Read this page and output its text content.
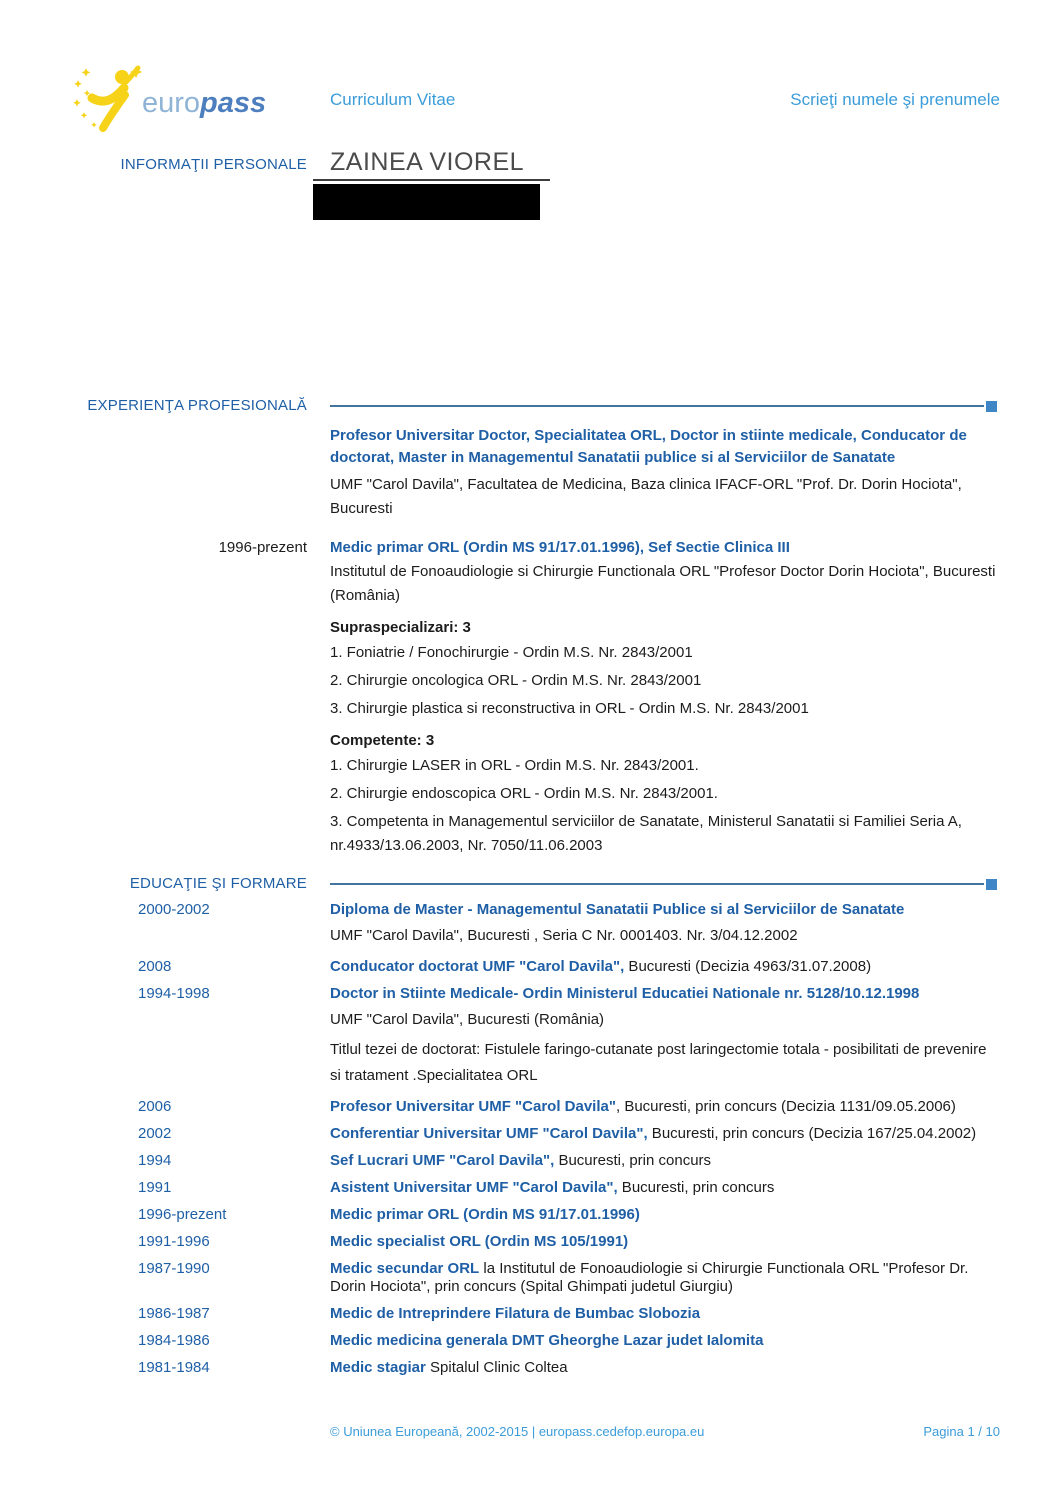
europass	Curriculum Vitae	Scrieţi numele şi prenumele
INFORMAŢII PERSONALE ZAINEA VIOREL
EXPERIENŢA PROFESIONALĂ

Profesor Universitar Doctor, Specialitatea ORL, Doctor in stiinte medicale, Conducator de doctorat, Master in Managementul Sanatatii publice si al Serviciilor de Sanatate

UMF "Carol Davila", Facultatea de Medicina, Baza clinica IFACF-ORL "Prof. Dr. Dorin Hociota", Bucuresti

1996-prezent Medic primar ORL (Ordin MS 91/17.01.1996), Sef Sectie Clinica III

Institutul de Fonoaudiologie si Chirurgie Functionala ORL "Profesor Doctor Dorin Hociota", Bucuresti (România)

Supraspecializari: 3

1. Foniatrie / Fonochirurgie - Ordin M.S. Nr. 2843/2001

2. Chirurgie oncologica ORL - Ordin M.S. Nr. 2843/2001

3. Chirurgie plastica si reconstructiva in ORL - Ordin M.S. Nr. 2843/2001

Competente: 3

1. Chirurgie LASER in ORL - Ordin M.S. Nr. 2843/2001.

2. Chirurgie endoscopica ORL - Ordin M.S. Nr. 2843/2001.

3. Competenta in Managementul serviciilor de Sanatate, Ministerul Sanatatii si Familiei Seria A, nr.4933/13.06.2003, Nr. 7050/11.06.2003

EDUCAŢIE ŞI FORMARE
2000-2002	Diploma de Master - Managementul Sanatatii Publice si al Serviciilor de Sanatate

UMF "Carol Davila", Bucuresti , Seria C Nr. 0001403. Nr. 3/04.12.2002

2008	Conducator doctorat UMF "Carol Davila", Bucuresti (Decizia 4963/31.07.2008)

1994-1998	Doctor in Stiinte Medicale- Ordin Ministerul Educatiei Nationale nr. 5128/10.12.1998

UMF "Carol Davila", Bucuresti (România)

Titlul tezei de doctorat: Fistulele faringo-cutanate post laringectomie totala - posibilitati de prevenire si tratament .Specialitatea ORL

2006	Profesor Universitar UMF "Carol Davila", Bucuresti, prin concurs (Decizia 1131/09.05.2006)

2002	Conferentiar Universitar UMF "Carol Davila", Bucuresti, prin concurs (Decizia 167/25.04.2002)

1994	Sef Lucrari UMF "Carol Davila", Bucuresti, prin concurs

1991	Asistent Universitar UMF "Carol Davila", Bucuresti, prin concurs

1996-prezent	Medic primar ORL (Ordin MS 91/17.01.1996)

1991-1996	Medic specialist ORL (Ordin MS 105/1991)

1987-1990	Medic secundar ORL la Institutul de Fonoaudiologie si Chirurgie Functionala ORL "Profesor Dr. Dorin Hociota", prin concurs (Spital Ghimpati judetul Giurgiu)

1986-1987	Medic de Intreprindere Filatura de Bumbac Slobozia

1984-1986	Medic medicina generala DMT Gheorghe Lazar judet Ialomita

1981-1984	Medic stagiar Spitalul Clinic Coltea

© Uniunea Europeană, 2002-2015 | europass.cedefop.europa.eu	Pagina 1 / 10
